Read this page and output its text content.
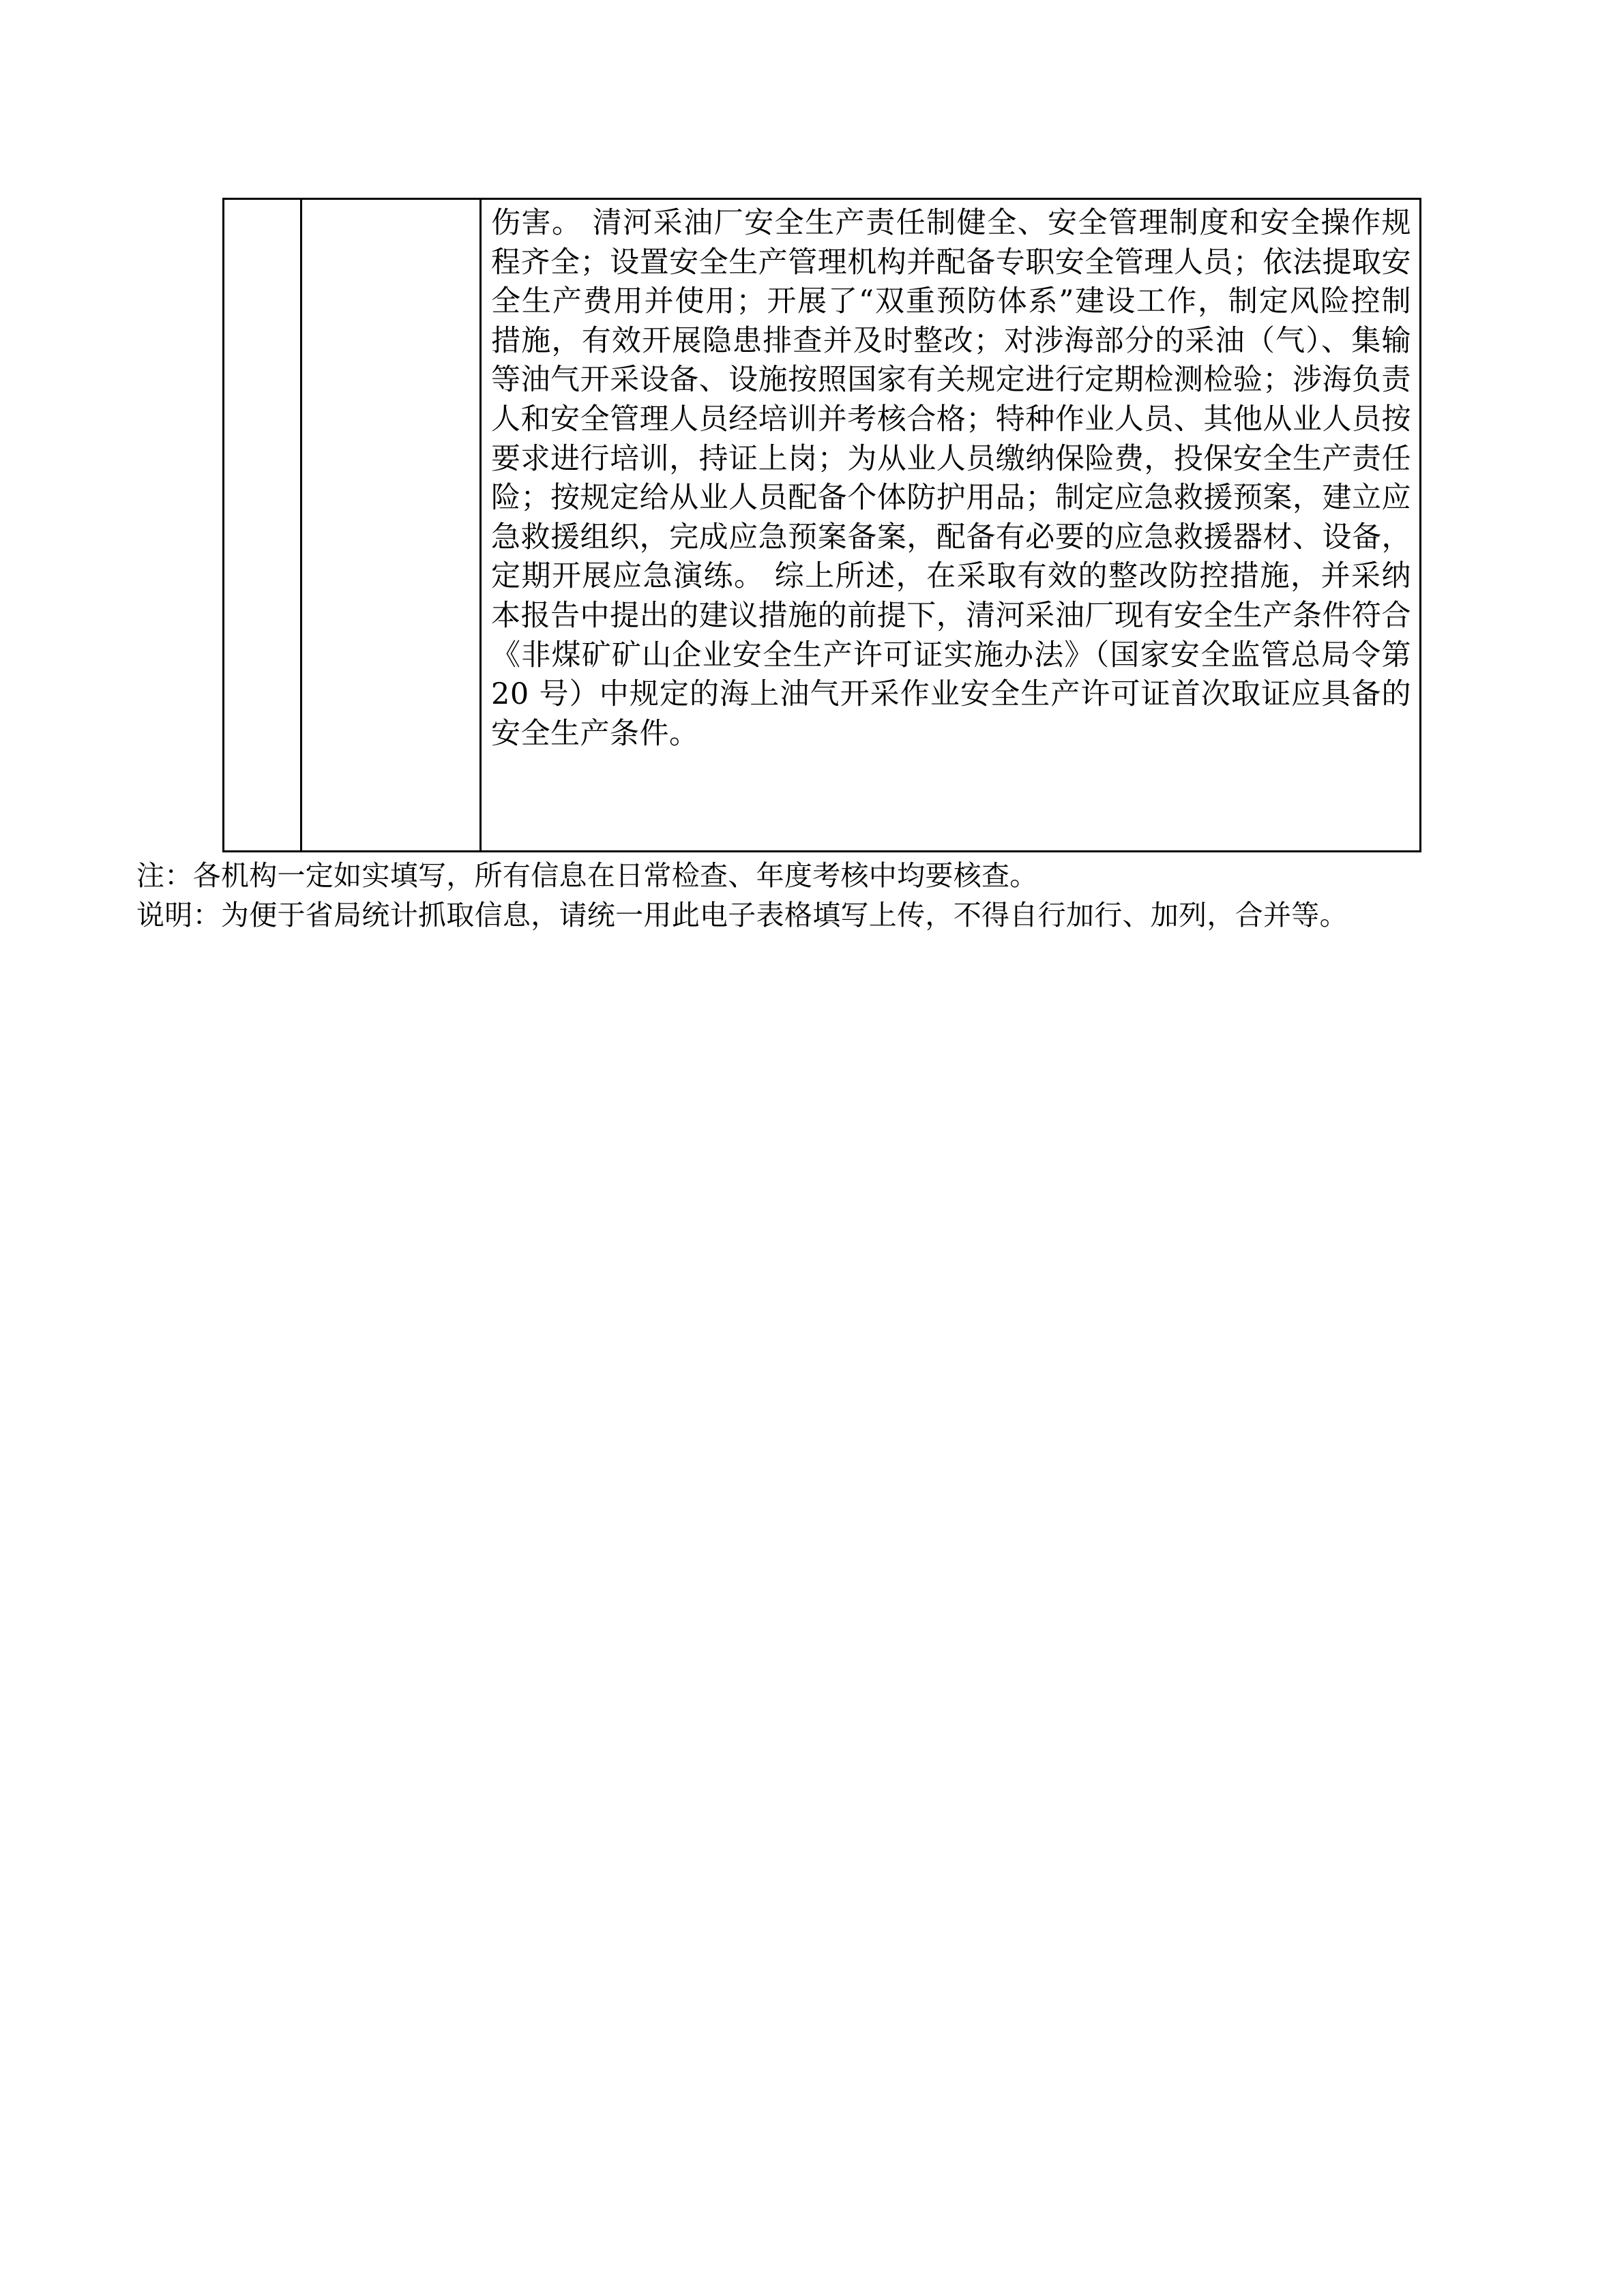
伤害。 清河采油厂安全生产责任制健全、安全管理制度和安全操作规程齐全；设置安全生产管理机构并配备专职安全管理人员；依法提取安全生产费用并使用；开展了“双重预防体系”建设工作，制定风险控制措施，有效开展隐患排查并及时整改；对涉海部分的采油（气）、集输等油气开采设备、设施按照国家有关规定进行定期检测检验；涉海负责人和安全管理人员经培训并考核合格；特种作业人员、其他从业人员按要求进行培训，持证上岗；为从业人员缴纳保险费，投保安全生产责任险；按规定给从业人员配备个体防护用品；制定应急救援预案，建立应急救援组织，完成应急预案备案，配备有必要的应急救援器材、设备，定期开展应急演练。 综上所述，在采取有效的整改防控措施，并采纳本报告中提出的建议措施的前提下，清河采油厂现有安全生产条件符合《非煤矿矿山企业安全生产许可证实施办法》（国家安全监管总局令第 20 号）中规定的海上油气开采作业安全生产许可证首次取证应具备的安全生产条件。
注：各机构一定如实填写，所有信息在日常检查、年度考核中均要核查。
说明：为便于省局统计抓取信息，请统一用此电子表格填写上传，不得自行加行、加列，合并等。
